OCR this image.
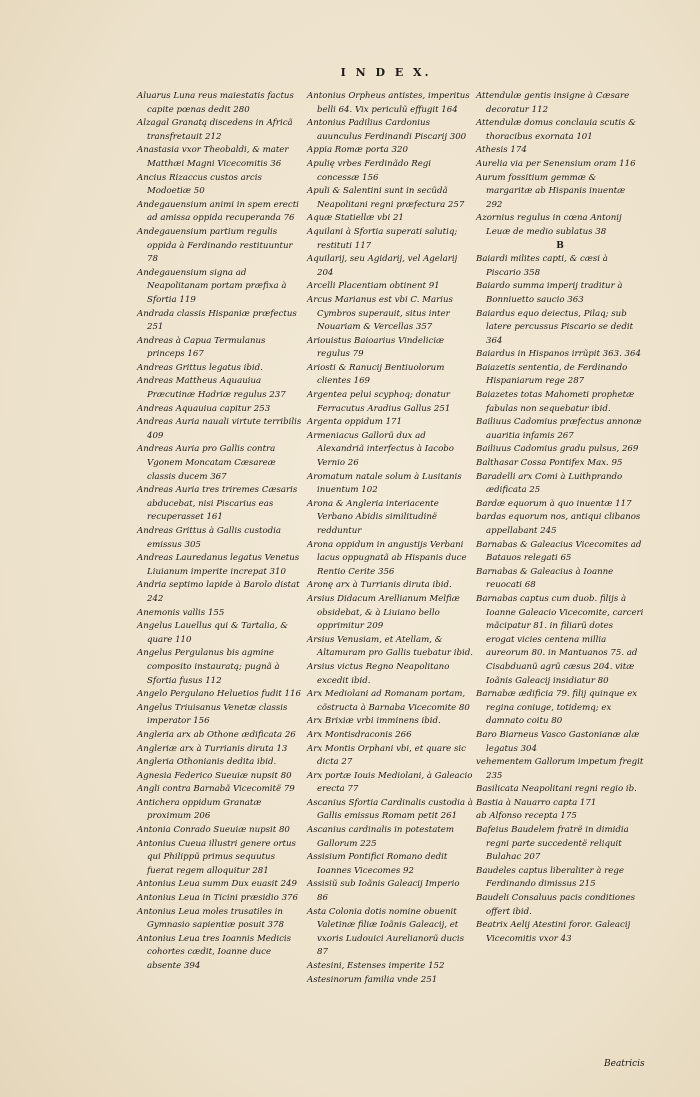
I N D E X.

Aluarus Luna reus maiestatis factus capite pœnas dedit 280

Alzagal Granatą discedens in Africã transfretauit 212

Anastasia vxor Theobaldi, & mater Matthæi Magni Vicecomitis 36

Ancius Rizaccus custos arcis Modoetiæ 50

Andegauensium animi in spem erecti ad amissa oppida recuperanda 76

Andegauensium partium regulis oppida à Ferdinando restituuntur 78

Andegauensium signa ad Neapolitanam portam præfixa à Sfortia 119

Andrada classis Hispaniæ præfectus 251

Andreas à Capua Termulanus princeps 167

Andreas Grittus legatus ibid.

Andreas Mattheus Aquauiua Præcutinæ Hadriæ regulus 237

Andreas Aquauiua capitur 253

Andreas Auria nauali virtute terribilis 409

Andreas Auria pro Gallis contra Vgonem Moncatam Cæsareæ classis ducem 367

Andreas Auria tres triremes Cæsaris abducebat, nisi Piscarius eas recuperasset 161

Andreas Grittus à Gallis custodia emissus 305

Andreas Lauredanus legatus Venetus Liuianum imperite increpat 310

Andria septimo lapide à Barolo distat 242

Anemonis vallis 155

Angelus Lauellus qui & Tartalia, & quare 110

Angelus Pergulanus bis agmine composito instauratą; pugnã à Sfortia fusus 112

Angelo Pergulano Heluetios fudit 116

Angelus Triuisanus Venetæ classis imperator 156

Angleria arx ab Othone ædificata 26

Angleriæ arx à Turrianis diruta 13

Angleria Othonianis dedita ibid.

Agnesia Federico Sueuiæ nupsit 80

Angli contra Barnabã Vicecomitë 79

Antichera oppidum Granatæ proximum 206

Antonia Conrado Sueuiæ nupsit 80

Antonius Cueua illustri genere ortus qui Philippũ primus sequutus fuerat regem alloquitur 281

Antonius Leua summ Dux euasit 249

Antonius Leua in Ticini præsidio 376

Antonius Leua moles trusatiles in Gymnasio sapientiæ posuit 378

Antonius Leua tres Ioannis Medicis cohortes cædit, Ioanne duce absente 394

Antonius Orpheus antistes, imperitus belli 64. Vix periculũ effugit 164

Antonius Padilius Cardonius auunculus Ferdinandi Piscarij 300

Appia Romæ porta 320

Apulię vrbes Ferdinãdo Regi concessæ 156

Apuli & Salentini sunt in secũdã Neapolitani regni præfectura 257

Aquæ Statiellæ vbi 21

Aquilani à Sfortia superati salutiq; restituti 117

Aquilarij, seu Agidarij, vel Agelarij 204

Arcelli Placentiam obtinent 91

Arcus Marianus est vbi C. Marius Cymbros superauit, situs inter Nouariam & Vercellas 357

Ariouistus Baioarius Vindeliciæ regulus 79

Ariosti & Ranucij Bentiuolorum clientes 169

Argentea pelui scyphoq; donatur Ferracutus Aradius Gallus 251

Argenta oppidum 171

Armeniacus Gallorũ dux ad Alexandriã interfectus à Iacobo Vernio 26

Aromatum natale solum à Lusitanis inuentum 102

Arona & Angleria interiacente Verbano Abidis similitudinë redduntur

Arona oppidum in angustijs Verbani lacus oppugnatã ab Hispanis duce Rentio Cerite 356

Aronę arx à Turrianis diruta ibid.

Arsius Didacum Arellianum Melfiæ obsidebat, & à Liuiano bello opprimitur 209

Arsius Venusiam, et Atellam, & Altamuram pro Gallis tuebatur ibid.

Arsius victus Regno Neapolitano excedit ibid.

Arx Mediolani ad Romanam portam, cõstructa à Barnaba Vicecomite 80

Arx Brixiæ vrbi imminens ibid.

Arx Montisdraconis 266

Arx Montis Orphani vbi, et quare sic dicta 27

Arx portæ Iouis Mediolani, à Galeacio erecta 77

Ascanius Sfortia Cardinalis custodia à Gallis emissus Romam petit 261

Ascanius cardinalis in potestatem Gallorum 225

Assisium Pontifici Romano dedit Ioannes Vicecomes 92

Assisiũ sub Ioãnis Galeacij Imperio 86

Asta Colonia dotis nomine obuenit Valetinæ filiæ Ioãnis Galeacij, et vxoris Ludouici Aurelianorũ ducis 87

Astesini, Estenses imperite 152

Astesinorum familia vnde 251

Attendulæ gentis insigne à Cæsare decoratur 112

Attendulæ domus conclauia scutis & thoracibus exornata 101

Athesis 174

Aurelia via per Senensium oram 116

Aurum fossitium gemmæ & margaritæ ab Hispanis inuentæ 292

Azornius regulus in cœna Antonij Leuæ de medio sublatus 38

B

Baiardi milites capti, & cæsi à Piscario 358

Baiardo summa imperij traditur à Bonniuetto saucio 363

Baiardus equo deiectus, Pilaq; sub latere percussus Piscario se dedit 364

Baiardus in Hispanos irrũpit 363. 364

Baiazetis sententia, de Ferdinando Hispaniarum rege 287

Baiazetes totas Mahometi prophetæ fabulas non sequebatur ibid.

Bailiuus Cadomius præfectus annonæ auaritia infamis 267

Bailiuus Cadomius gradu pulsus, 269

Balthasar Cossa Pontifex Max. 95

Baradelli arx Comi à Luithprando ædificata 25

Bardæ equorum à quo inuentæ 117

bardas equorum nos, antiqui clibanos appellabant 245

Barnabas & Galeacius Vicecomites ad Batauos relegati 65

Barnabas & Galeacius à Ioanne reuocati 68

Barnabas captus cum duob. filijs à Ioanne Galeacio Vicecomite, carceri mãcipatur 81. in filiarũ dotes erogat vicies centena millia aureorum 80. in Mantuanos 75. ad Cisabduanũ agrũ cæsus 204. vitæ Ioãnis Galeacij insidiatur 80

Barnabæ ædificia 79. filij quinque ex regina coniuge, totidemq; ex damnato coitu 80

Baro Biarneus Vasco Gastonianæ alæ legatus 304

vehementem Gallorum impetum fregit 235

Basilicata Neapolitani regni regio ib.

Bastia à Nauarro capta 171

ab Alfonso recepta 175

Bafeius Baudelem fratrë in dimidia regni parte succedentë reliquit Bulahac 207

Baudeles captus liberaliter à rege Ferdinando dimissus 215

Baudeli Consaluus pacis conditiones offert ibid.

Beatrix Aelij Atestini foror. Galeacij Vicecomitis vxor 43

Beatricis
